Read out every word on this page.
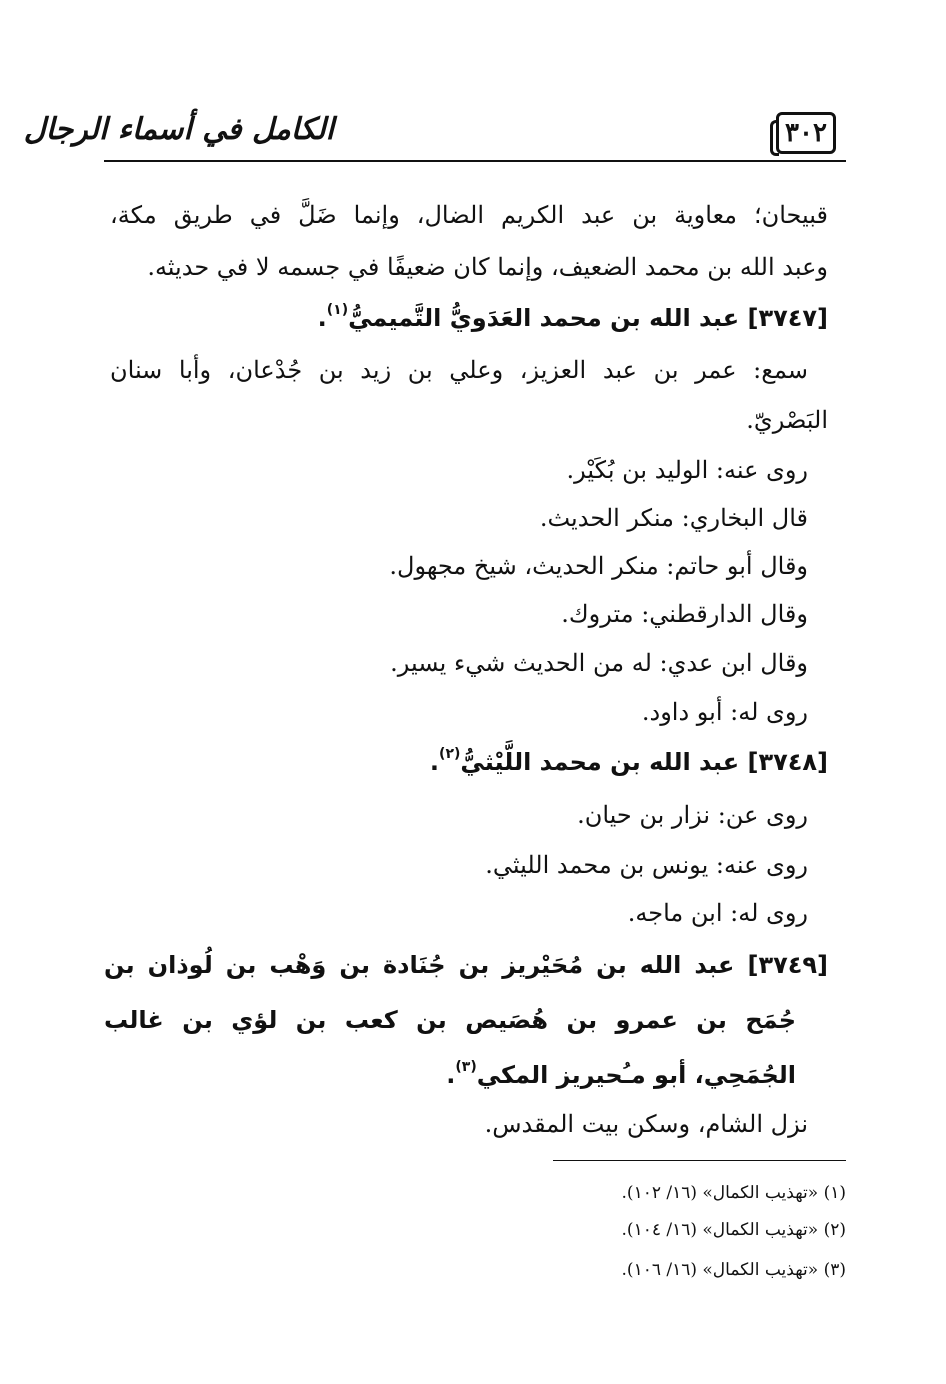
٣٠٢
الكامل في أسماء الرجال
قبيحان؛ معاوية بن عبد الكريم الضال، وإنما ضَلَّ في طريق مكة،
وعبد الله بن محمد الضعيف، وإنما كان ضعيفًا في جسمه لا في حديثه.
[٣٧٤٧] عبد الله بن محمد العَدَويُّ التَّميميُّ$^{(١)}$.
سمع: عمر بن عبد العزيز، وعلي بن زيد بن جُدْعان، وأبا سنان
البَصْريّ.
روى عنه: الوليد بن بُكَيْر.
قال البخاري: منكر الحديث.
وقال أبو حاتم: منكر الحديث، شيخ مجهول.
وقال الدارقطني: متروك.
وقال ابن عدي: له من الحديث شيء يسير.
روى له: أبو داود.
[٣٧٤٨] عبد الله بن محمد اللَّيْثيُّ$^{(٢)}$.
روى عن: نزار بن حيان.
روى عنه: يونس بن محمد الليثي.
روى له: ابن ماجه.
[٣٧٤٩] عبد الله بن مُحَيْريز بن جُنَادة بن وَهْب بن لُوذان بن
جُمَح بن عمرو بن هُصَيص بن كعب بن لؤي بن غالب
الجُمَحِي، أبو مـُحيريز المكي$^{(٣)}$.
نزل الشام، وسكن بيت المقدس.
(١) «تهذيب الكمال» (١٦/ ١٠٢).
(٢) «تهذيب الكمال» (١٦/ ١٠٤).
(٣) «تهذيب الكمال» (١٦/ ١٠٦).
